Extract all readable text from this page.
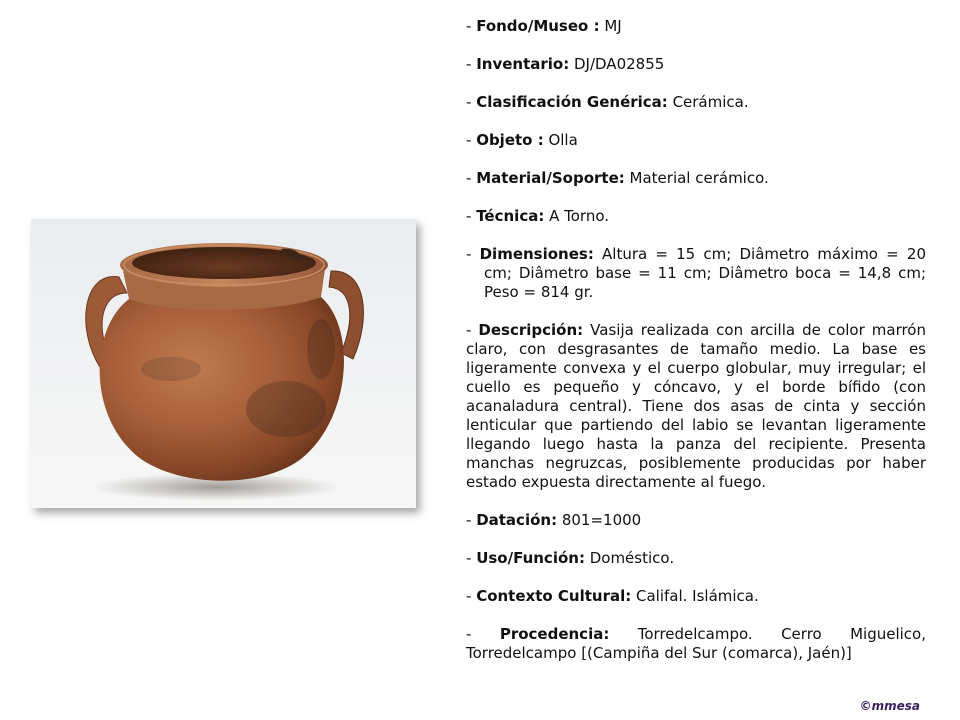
- Fondo/Museo : MJ

- Inventario: DJ/DA02855

- Clasificación Genérica: Cerámica.

- Objeto : Olla

- Material/Soporte: Material cerámico.

- Técnica: A Torno.

- Dimensiones: Altura = 15 cm; Diâmetro máximo = 20 cm; Diâmetro base = 11 cm; Diâmetro boca = 14,8 cm; Peso = 814 gr.

- Descripción: Vasija realizada con arcilla de color marrón claro, con desgrasantes de tamaño medio. La base es ligeramente convexa y el cuerpo globular, muy irregular; el cuello es pequeño y cóncavo, y el borde bífido (con acanaladura central). Tiene dos asas de cinta y sección lenticular que partiendo del labio se levantan ligeramente llegando luego hasta la panza del recipiente. Presenta manchas negruzcas, posiblemente producidas por haber estado expuesta directamente al fuego.

- Datación: 801=1000

- Uso/Función: Doméstico.

- Contexto Cultural: Califal. Islámica.

- Procedencia: Torredelcampo. Cerro Miguelico, Torredelcampo [(Campiña del Sur (comarca), Jaén)]

©mmesa
